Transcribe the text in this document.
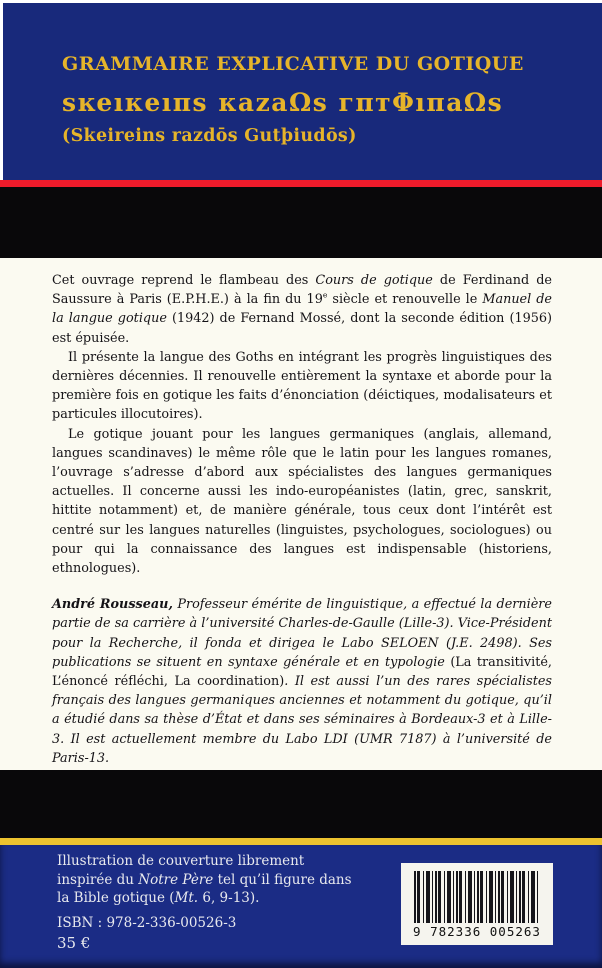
GRAMMAIRE EXPLICATIVE DU GOTIQUE
sĸeıкeıпs кazaΩs гптΦıпaΩs
(Skeireins razdōs Gutþiudōs)

Cet ouvrage reprend le flambeau des Cours de gotique de Ferdinand de Saussure à Paris (E.P.H.E.) à la fin du 19e siècle et renouvelle le Manuel de la langue gotique (1942) de Fernand Mossé, dont la seconde édition (1956) est épuisée.

Il présente la langue des Goths en intégrant les progrès linguistiques des dernières décennies. Il renouvelle entièrement la syntaxe et aborde pour la première fois en gotique les faits d’énonciation (déictiques, modalisateurs et particules illocutoires).

Le gotique jouant pour les langues germaniques (anglais, allemand, langues scandinaves) le même rôle que le latin pour les langues romanes, l’ouvrage s’adresse d’abord aux spécialistes des langues germaniques actuelles. Il concerne aussi les indo-européanistes (latin, grec, sanskrit, hittite notamment) et, de manière générale, tous ceux dont l’intérêt est centré sur les langues naturelles (linguistes, psychologues, sociologues) ou pour qui la connaissance des langues est indispensable (historiens, ethnologues).

André Rousseau, Professeur émérite de linguistique, a effectué la dernière partie de sa carrière à l’université Charles-de-Gaulle (Lille-3). Vice-Président pour la Recherche, il fonda et dirigea le Labo SELOEN (J.E. 2498). Ses publications se situent en syntaxe générale et en typologie (La transitivité, L’énoncé réfléchi, La coordination). Il est aussi l’un des rares spécialistes français des langues germaniques anciennes et notamment du gotique, qu’il a étudié dans sa thèse d’État et dans ses séminaires à Bordeaux-3 et à Lille-3. Il est actuellement membre du Labo LDI (UMR 7187) à l’université de Paris-13.

Illustration de couverture librement inspirée du Notre Père tel qu’il figure dans la Bible gotique (Mt. 6, 9-13).
ISBN : 978-2-336-00526-3
35 €
9 782336 005263
